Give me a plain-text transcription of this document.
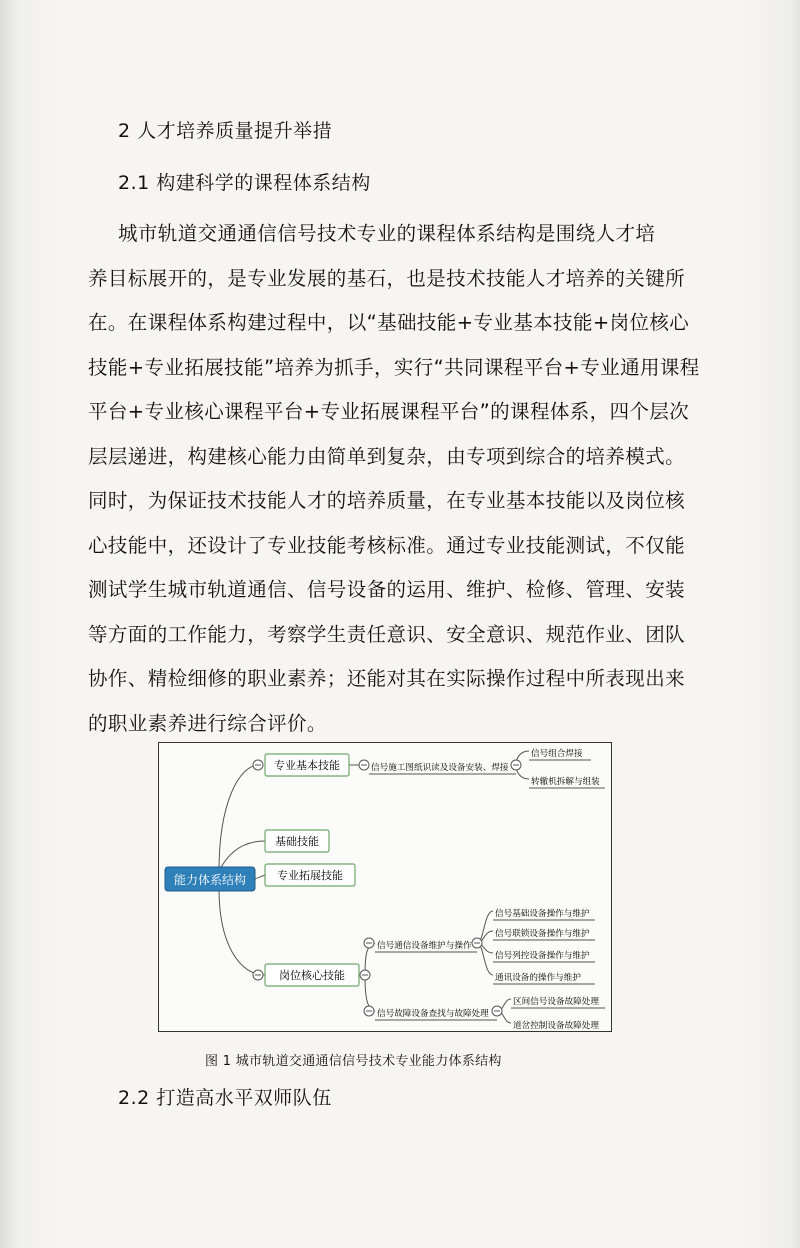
2 人才培养质量提升举措
2.1 构建科学的课程体系结构
城市轨道交通通信信号技术专业的课程体系结构是围绕人才培
养目标展开的，是专业发展的基石，也是技术技能人才培养的关键所
在。在课程体系构建过程中，以“基础技能+专业基本技能+岗位核心
技能+专业拓展技能”培养为抓手，实行“共同课程平台+专业通用课程
平台+专业核心课程平台+专业拓展课程平台”的课程体系，四个层次
层层递进，构建核心能力由简单到复杂，由专项到综合的培养模式。
同时，为保证技术技能人才的培养质量，在专业基本技能以及岗位核
心技能中，还设计了专业技能考核标准。通过专业技能测试，不仅能
测试学生城市轨道通信、信号设备的运用、维护、检修、管理、安装
等方面的工作能力，考察学生责任意识、安全意识、规范作业、团队
协作、精检细修的职业素养；还能对其在实际操作过程中所表现出来
的职业素养进行综合评价。
能力体系结构
专业基本技能
基础技能
专业拓展技能
岗位核心技能
信号施工图纸识读及设备安装、焊接
信号通信设备维护与操作
信号故障设备查找与故障处理
信号组合焊接
转辙机拆解与组装
信号基础设备操作与维护
信号联锁设备操作与维护
信号列控设备操作与维护
通讯设备的操作与维护
区间信号设备故障处理
道岔控制设备故障处理
图 1 城市轨道交通通信信号技术专业能力体系结构
2.2 打造高水平双师队伍
